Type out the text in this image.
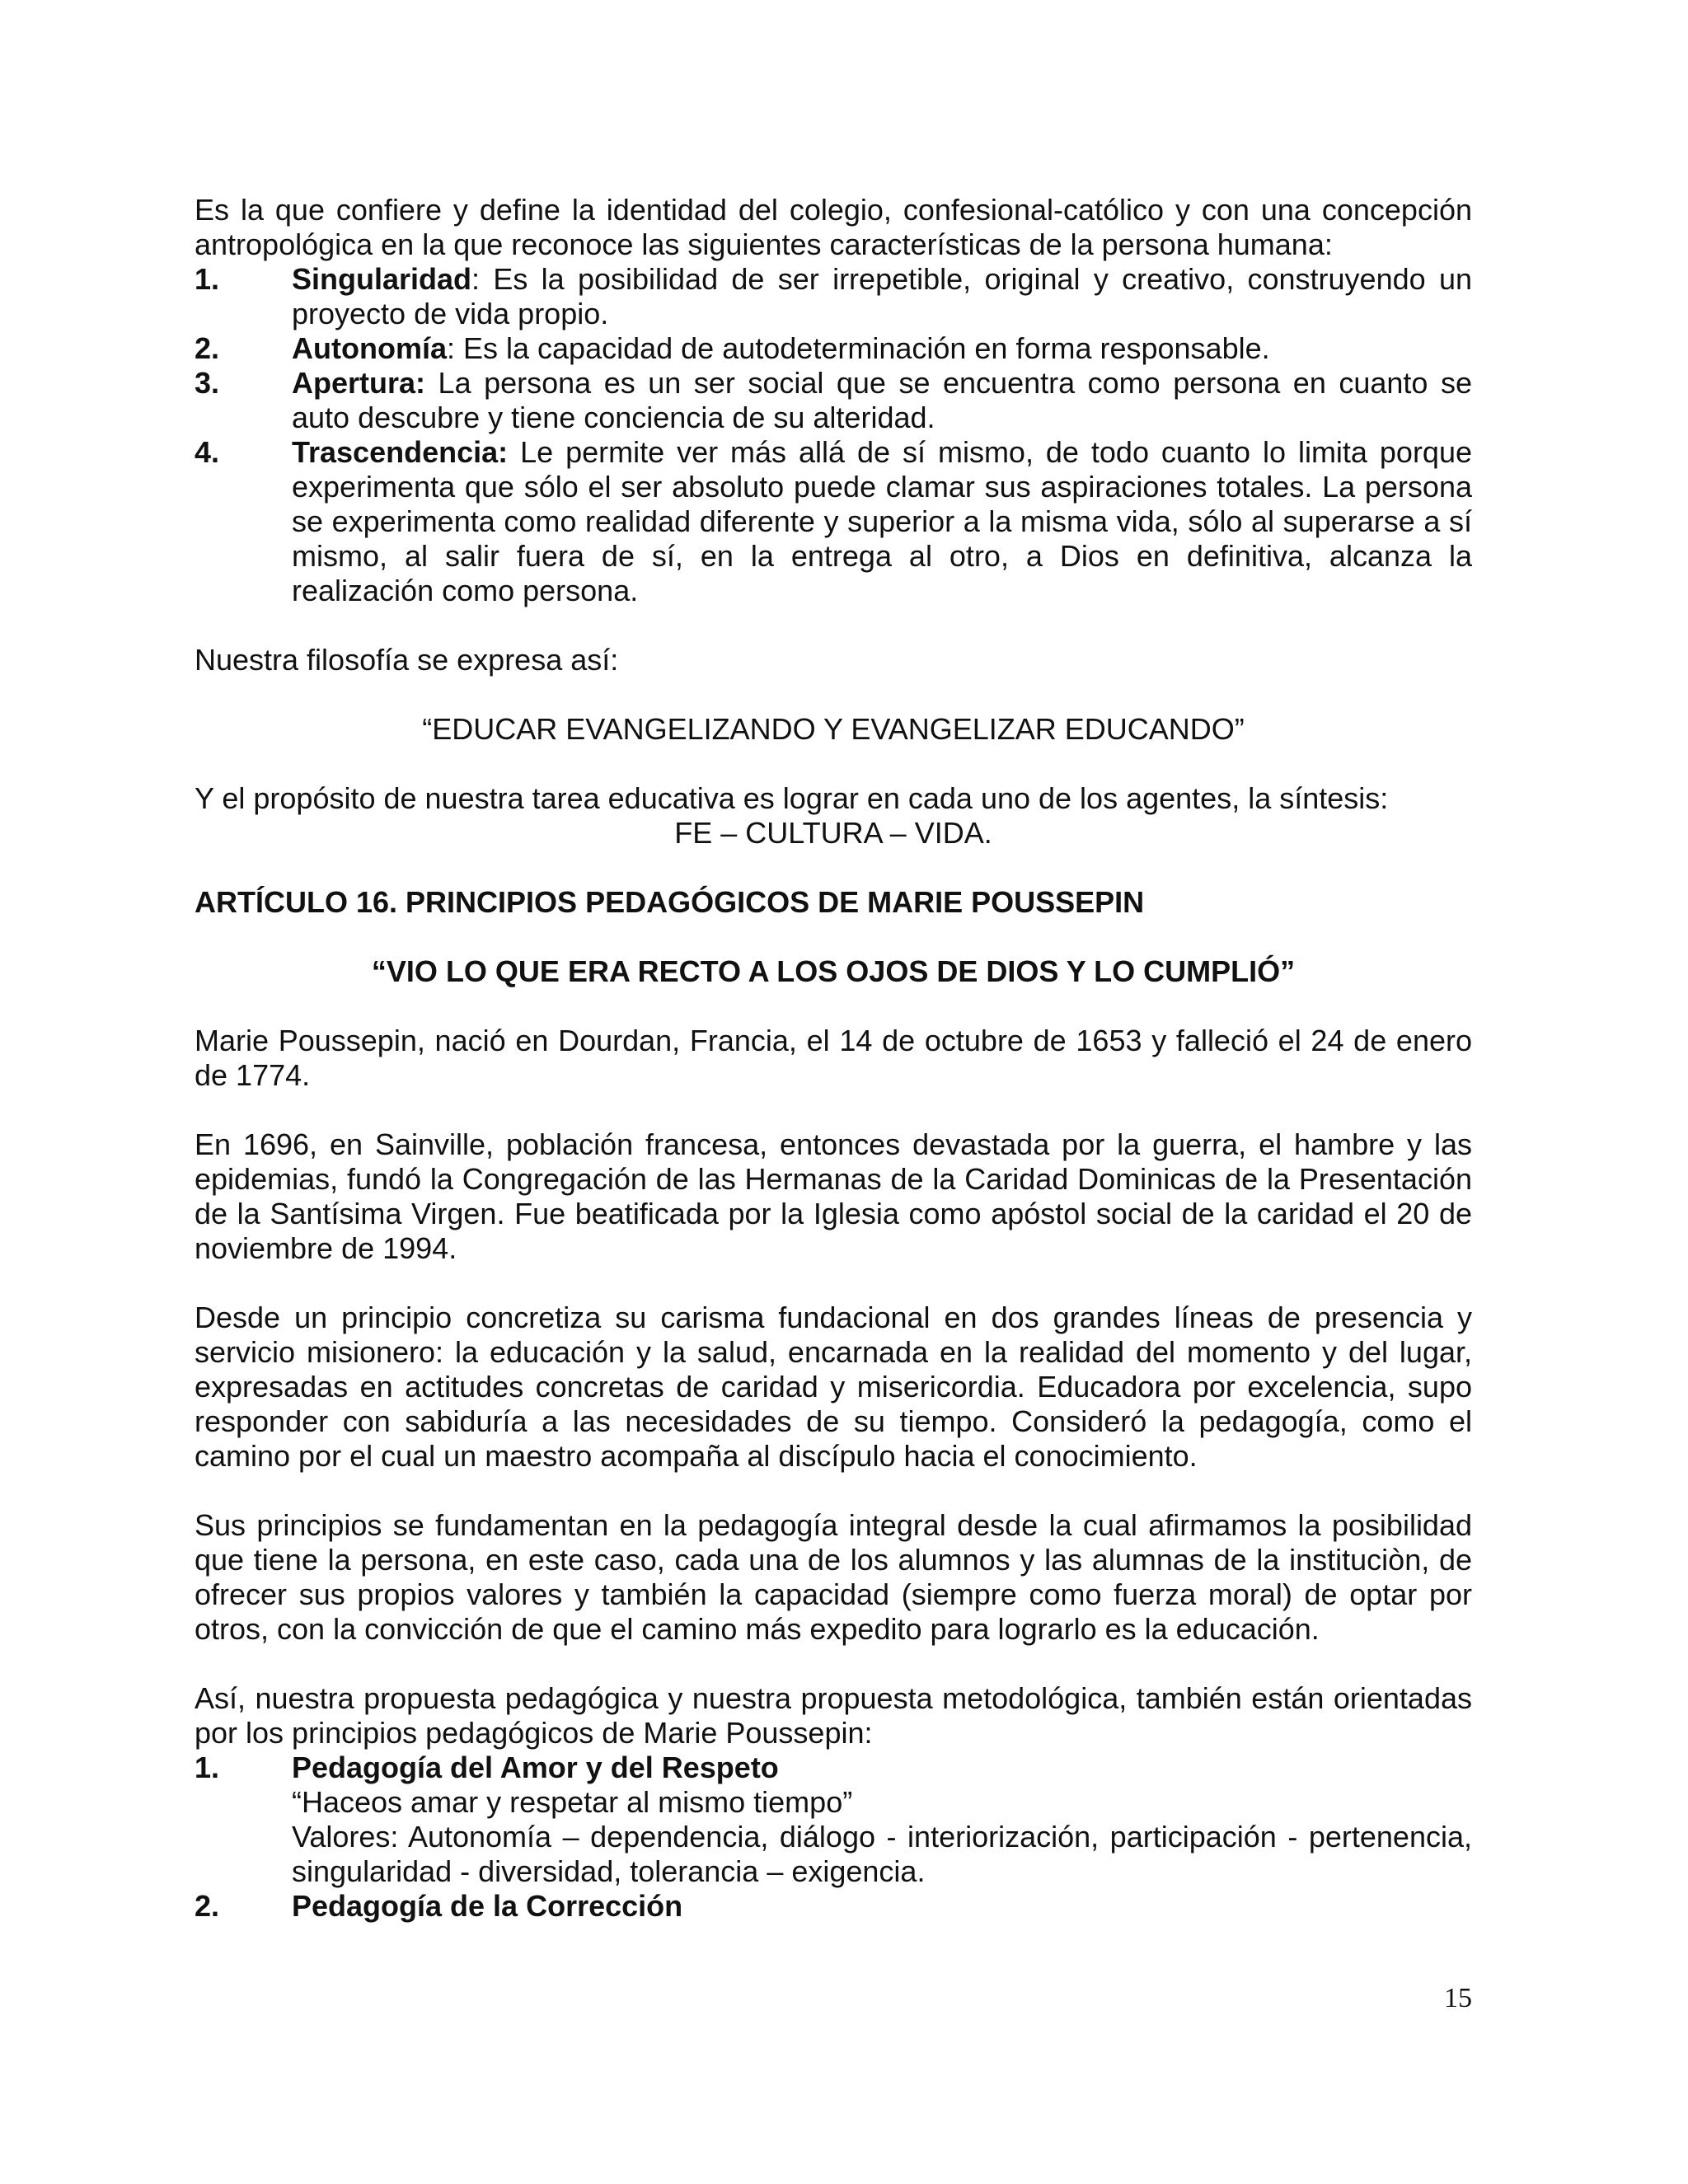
Es la que confiere y define la identidad del colegio, confesional-católico y con una concepción antropológica en la que reconoce las siguientes características de la persona humana:

1. Singularidad: Es la posibilidad de ser irrepetible, original y creativo, construyendo un proyecto de vida propio.
2. Autonomía: Es la capacidad de autodeterminación en forma responsable.
3. Apertura: La persona es un ser social que se encuentra como persona en cuanto se auto descubre y tiene conciencia de su alteridad.
4. Trascendencia: Le permite ver más allá de sí mismo, de todo cuanto lo limita porque experimenta que sólo el ser absoluto puede clamar sus aspiraciones totales. La persona se experimenta como realidad diferente y superior a la misma vida, sólo al superarse a sí mismo, al salir fuera de sí, en la entrega al otro, a Dios en definitiva, alcanza la realización como persona.

Nuestra filosofía se expresa así:

“EDUCAR EVANGELIZANDO Y EVANGELIZAR EDUCANDO”

Y el propósito de nuestra tarea educativa es lograr en cada uno de los agentes, la síntesis:

FE – CULTURA – VIDA.

ARTÍCULO 16. PRINCIPIOS PEDAGÓGICOS DE MARIE POUSSEPIN

“VIO LO QUE ERA RECTO A LOS OJOS DE DIOS Y LO CUMPLIÓ”

Marie Poussepin, nació en Dourdan, Francia, el 14 de octubre de 1653 y falleció el 24 de enero de 1774.

En 1696, en Sainville, población francesa, entonces devastada por la guerra, el hambre y las epidemias, fundó la Congregación de las Hermanas de la Caridad Dominicas de la Presentación de la Santísima Virgen. Fue beatificada por la Iglesia como apóstol social de la caridad el 20 de noviembre de 1994.

Desde un principio concretiza su carisma fundacional en dos grandes líneas de presencia y servicio misionero: la educación y la salud, encarnada en la realidad del momento y del lugar, expresadas en actitudes concretas de caridad y misericordia. Educadora por excelencia, supo responder con sabiduría a las necesidades de su tiempo. Consideró la pedagogía, como el camino por el cual un maestro acompaña al discípulo hacia el conocimiento.

Sus principios se fundamentan en la pedagogía integral desde la cual afirmamos la posibilidad que tiene la persona, en este caso, cada una de los alumnos y las alumnas de la instituciòn, de ofrecer sus propios valores y también la capacidad (siempre como fuerza moral) de optar por otros, con la convicción de que el camino más expedito para lograrlo es la educación.

Así, nuestra propuesta pedagógica y nuestra propuesta metodológica, también están orientadas por los principios pedagógicos de Marie Poussepin:

1. Pedagogía del Amor y del Respeto
“Haceos amar y respetar al mismo tiempo”
Valores: Autonomía – dependencia, diálogo - interiorización, participación - pertenencia, singularidad - diversidad, tolerancia – exigencia.
2. Pedagogía de la Corrección
15
